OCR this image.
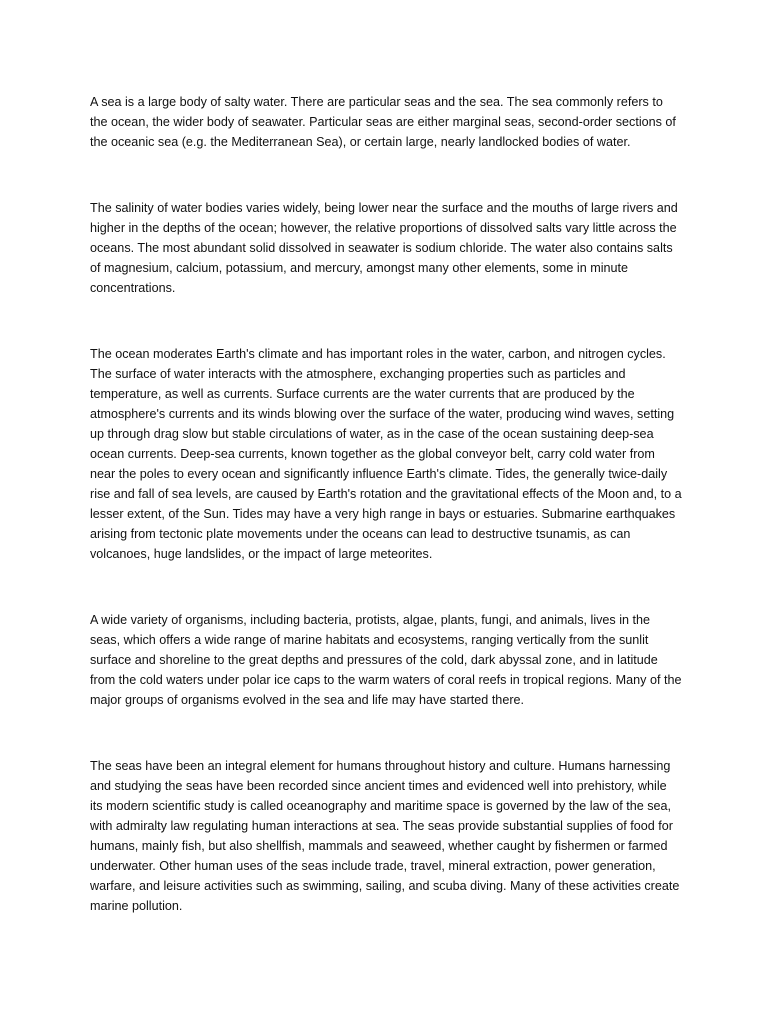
A sea is a large body of salty water. There are particular seas and the sea. The sea commonly refers to the ocean, the wider body of seawater. Particular seas are either marginal seas, second-order sections of the oceanic sea (e.g. the Mediterranean Sea), or certain large, nearly landlocked bodies of water.

The salinity of water bodies varies widely, being lower near the surface and the mouths of large rivers and higher in the depths of the ocean; however, the relative proportions of dissolved salts vary little across the oceans. The most abundant solid dissolved in seawater is sodium chloride. The water also contains salts of magnesium, calcium, potassium, and mercury, amongst many other elements, some in minute concentrations.

The ocean moderates Earth's climate and has important roles in the water, carbon, and nitrogen cycles. The surface of water interacts with the atmosphere, exchanging properties such as particles and temperature, as well as currents. Surface currents are the water currents that are produced by the atmosphere's currents and its winds blowing over the surface of the water, producing wind waves, setting up through drag slow but stable circulations of water, as in the case of the ocean sustaining deep-sea ocean currents. Deep-sea currents, known together as the global conveyor belt, carry cold water from near the poles to every ocean and significantly influence Earth's climate. Tides, the generally twice-daily rise and fall of sea levels, are caused by Earth's rotation and the gravitational effects of the Moon and, to a lesser extent, of the Sun. Tides may have a very high range in bays or estuaries. Submarine earthquakes arising from tectonic plate movements under the oceans can lead to destructive tsunamis, as can volcanoes, huge landslides, or the impact of large meteorites.

A wide variety of organisms, including bacteria, protists, algae, plants, fungi, and animals, lives in the seas, which offers a wide range of marine habitats and ecosystems, ranging vertically from the sunlit surface and shoreline to the great depths and pressures of the cold, dark abyssal zone, and in latitude from the cold waters under polar ice caps to the warm waters of coral reefs in tropical regions. Many of the major groups of organisms evolved in the sea and life may have started there.

The seas have been an integral element for humans throughout history and culture. Humans harnessing and studying the seas have been recorded since ancient times and evidenced well into prehistory, while its modern scientific study is called oceanography and maritime space is governed by the law of the sea, with admiralty law regulating human interactions at sea. The seas provide substantial supplies of food for humans, mainly fish, but also shellfish, mammals and seaweed, whether caught by fishermen or farmed underwater. Other human uses of the seas include trade, travel, mineral extraction, power generation, warfare, and leisure activities such as swimming, sailing, and scuba diving. Many of these activities create marine pollution.
